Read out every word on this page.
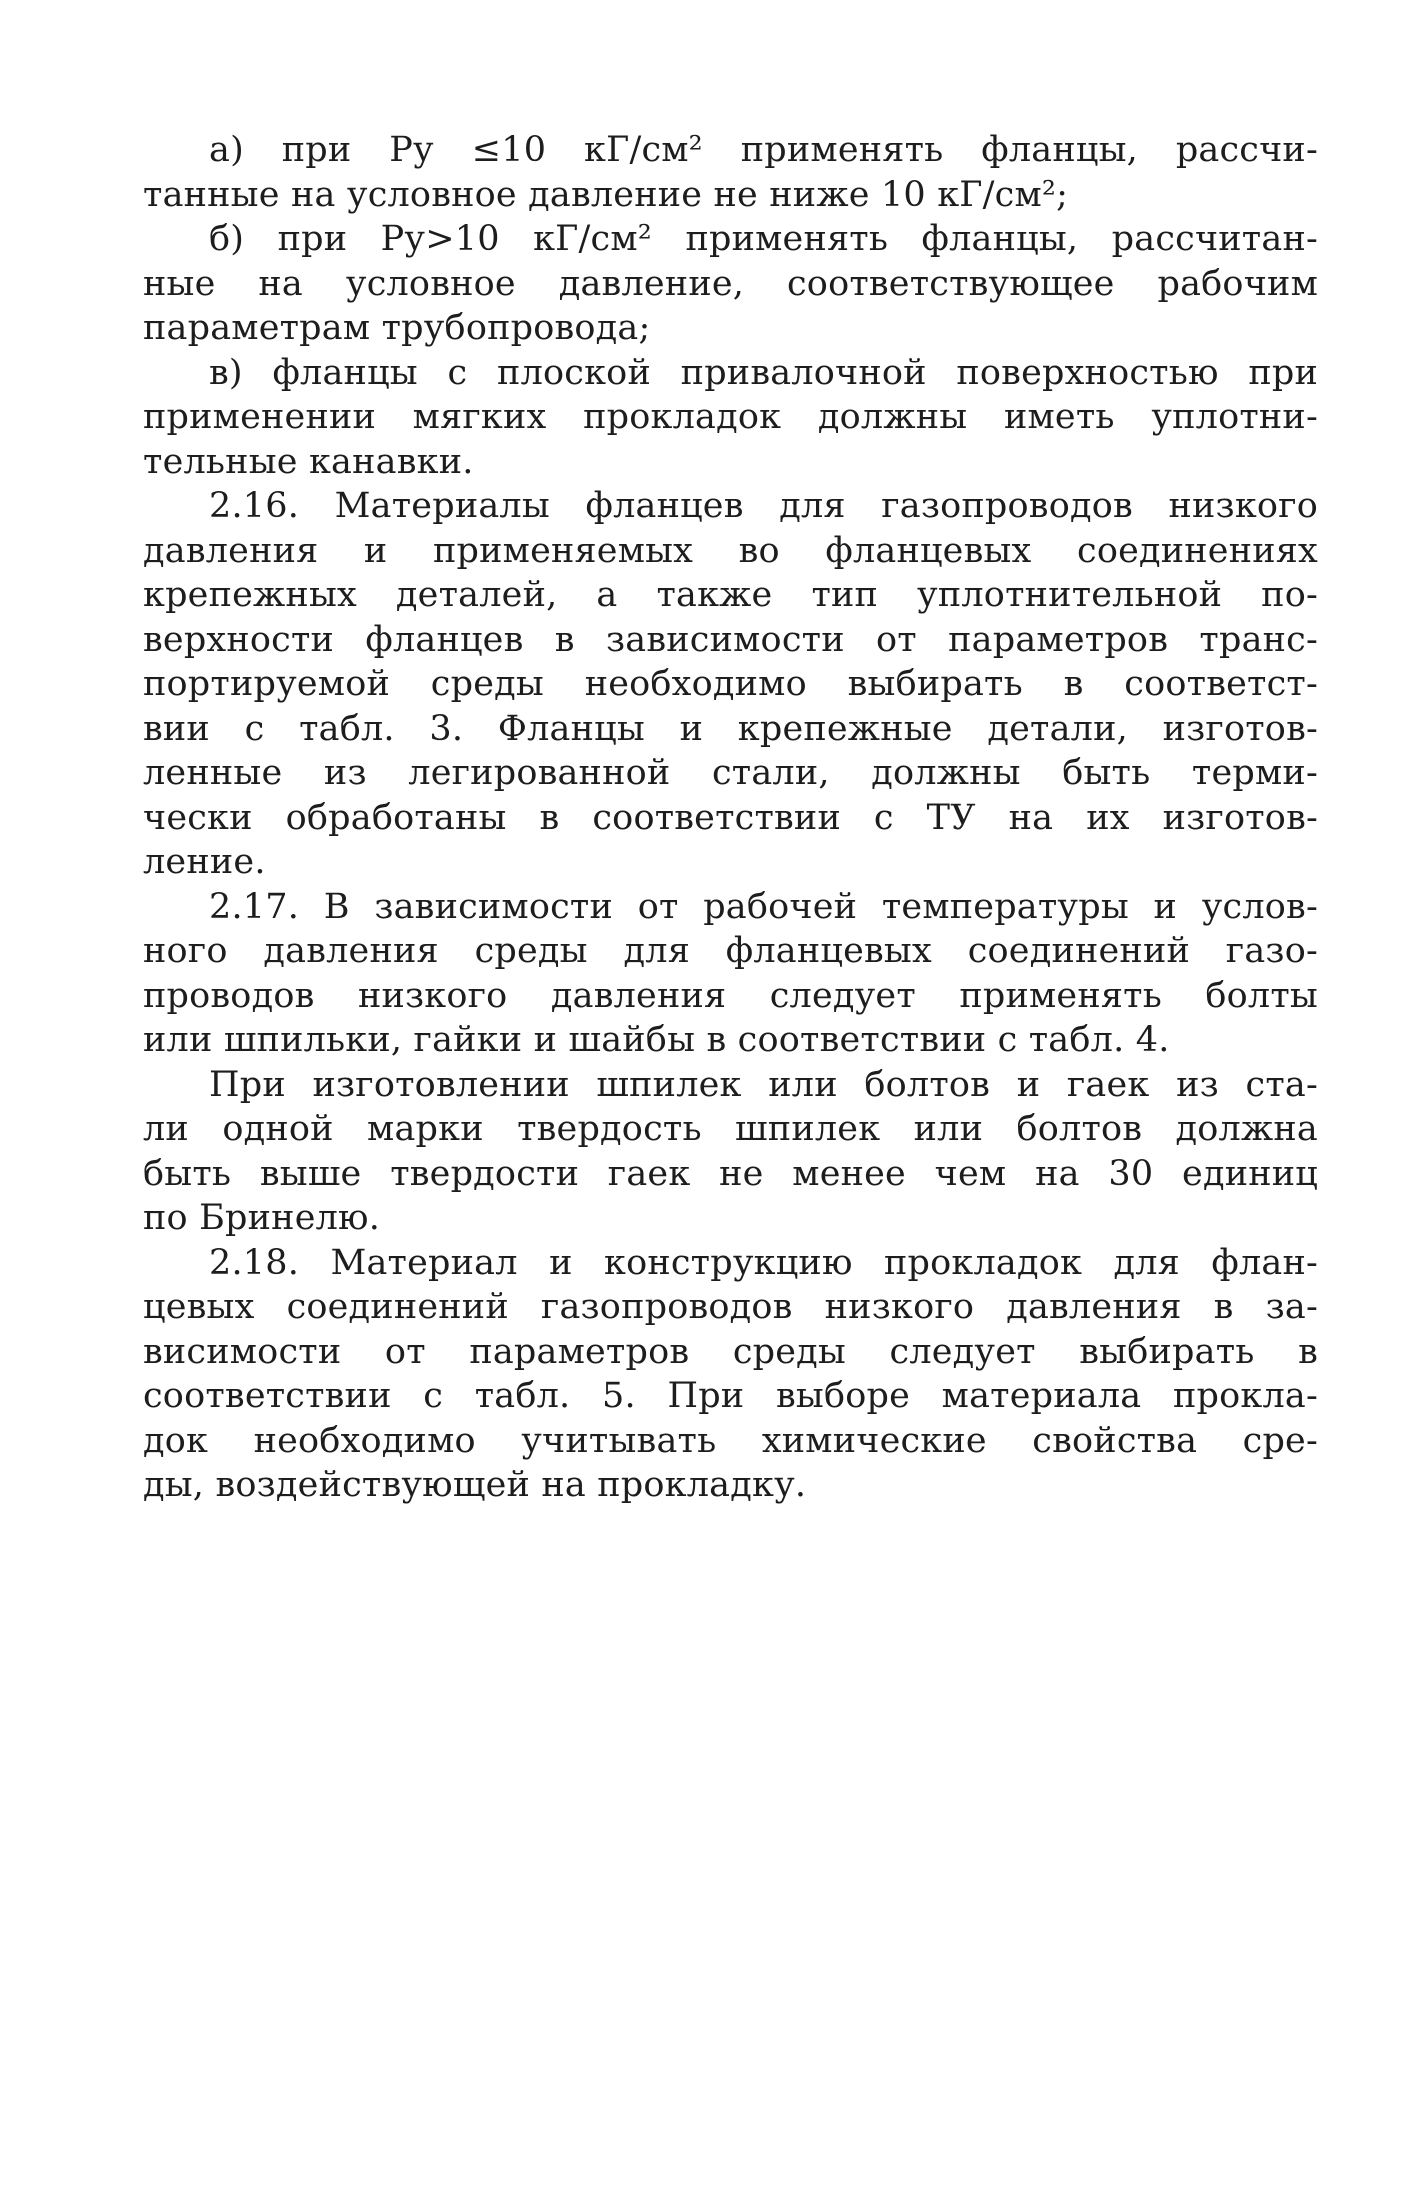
а) при Pу ≤10 кГ/см² применять фланцы, рассчи-
танные на условное давление не ниже 10 кГ/см²;
б) при Pу>10 кГ/см² применять фланцы, рассчитан-
ные на условное давление, соответствующее рабочим
параметрам трубопровода;
в) фланцы с плоской привалочной поверхностью при
применении мягких прокладок должны иметь уплотни-
тельные канавки.
2.16. Материалы фланцев для газопроводов низкого
давления и применяемых во фланцевых соединениях
крепежных деталей, а также тип уплотнительной по-
верхности фланцев в зависимости от параметров транс-
портируемой среды необходимо выбирать в соответст-
вии с табл. 3. Фланцы и крепежные детали, изготов-
ленные из легированной стали, должны быть терми-
чески обработаны в соответствии с ТУ на их изготов-
ление.
2.17. В зависимости от рабочей температуры и услов-
ного давления среды для фланцевых соединений газо-
проводов низкого давления следует применять болты
или шпильки, гайки и шайбы в соответствии с табл. 4.
При изготовлении шпилек или болтов и гаек из ста-
ли одной марки твердость шпилек или болтов должна
быть выше твердости гаек не менее чем на 30 единиц
по Бринелю.
2.18. Материал и конструкцию прокладок для флан-
цевых соединений газопроводов низкого давления в за-
висимости от параметров среды следует выбирать в
соответствии с табл. 5. При выборе материала прокла-
док необходимо учитывать химические свойства сре-
ды, воздействующей на прокладку.
